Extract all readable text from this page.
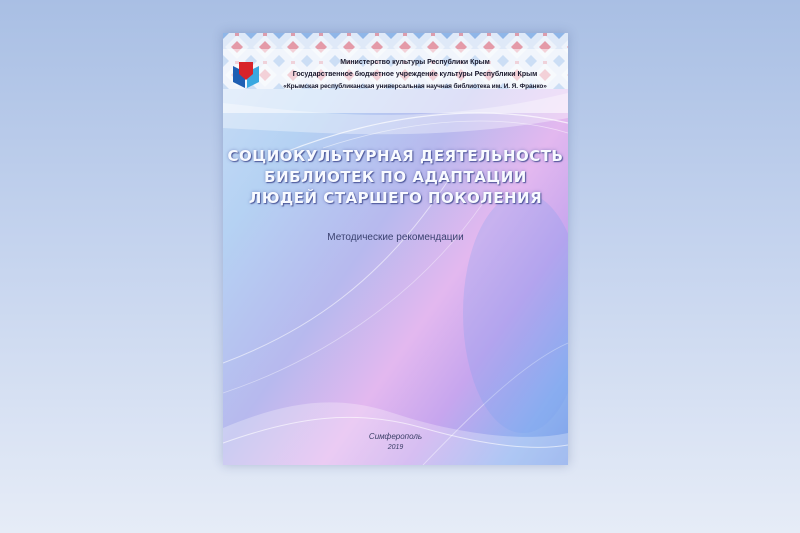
Министерство культуры Республики Крым
Государственное бюджетное учреждение культуры Республики Крым
«Крымская республиканская универсальная научная библиотека им. И. Я. Франко»
СОЦИОКУЛЬТУРНАЯ ДЕЯТЕЛЬНОСТЬ
БИБЛИОТЕК ПО АДАПТАЦИИ
ЛЮДЕЙ СТАРШЕГО ПОКОЛЕНИЯ
Методические рекомендации
Симферополь
2019
